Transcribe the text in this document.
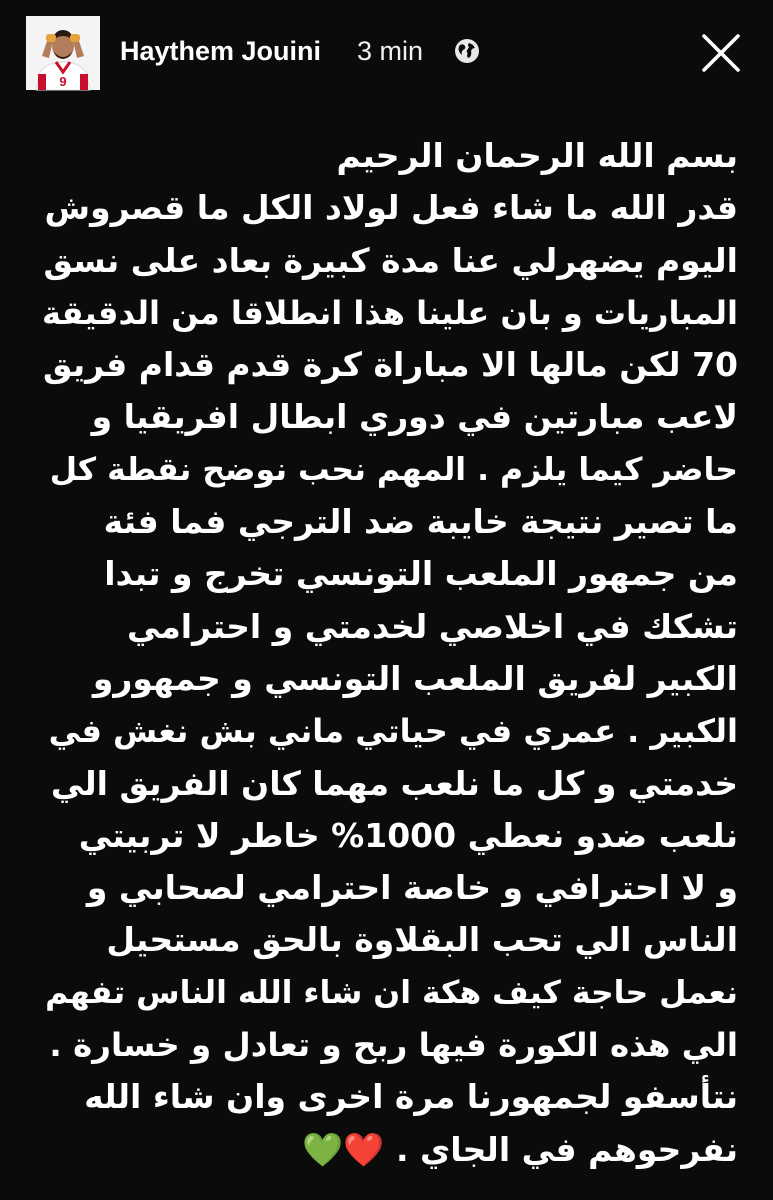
9
Haythem Jouini 3 min
بسم الله الرحمان الرحيم
قدر الله ما شاء فعل لولاد الكل ما قصروش
اليوم يضهرلي عنا مدة كبيرة بعاد على نسق
المباريات و بان علينا هذا انطلاقا من الدقيقة
70 لكن مالها الا مباراة كرة قدم قدام فريق
لاعب مبارتين في دوري ابطال افريقيا و
حاضر كيما يلزم . المهم نحب نوضح نقطة كل
ما تصير نتيجة خايبة ضد الترجي فما فئة
من جمهور الملعب التونسي تخرج و تبدا
تشكك في اخلاصي لخدمتي و احترامي
الكبير لفريق الملعب التونسي و جمهورو
الكبير . عمري في حياتي ماني بش نغش في
خدمتي و كل ما نلعب مهما كان الفريق الي
نلعب ضدو نعطي 1000% خاطر لا تربيتي
و لا احترافي و خاصة احترامي لصحابي و
الناس الي تحب البقلاوة بالحق مستحيل
نعمل حاجة كيف هكة ان شاء الله الناس تفهم
الي هذه الكورة فيها ربح و تعادل و خسارة .
نتأسفو لجمهورنا مرة اخرى وان شاء الله
نفرحوهم في الجاي . ❤️💚
